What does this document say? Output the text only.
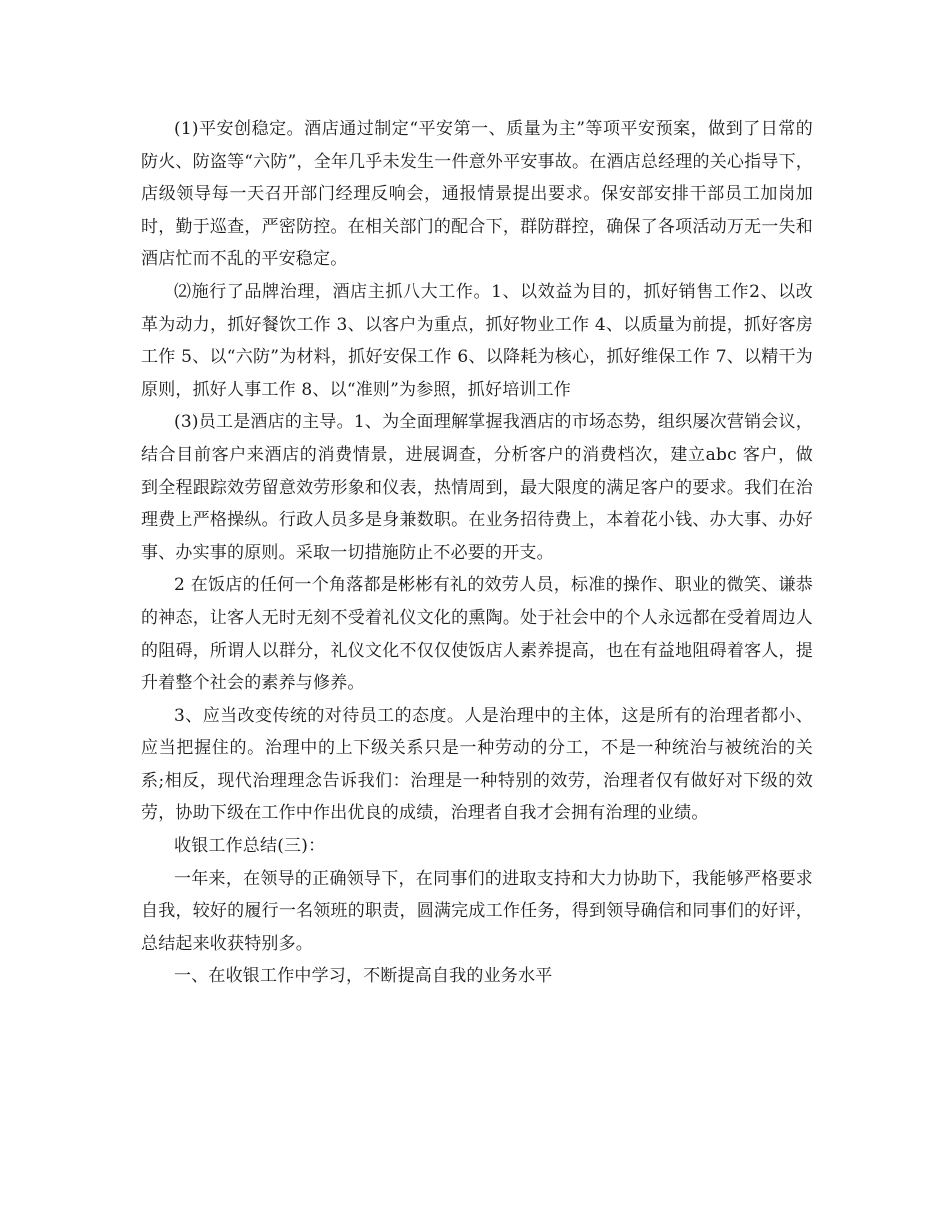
(1)平安创稳定。酒店通过制定“平安第一、质量为主”等项平安预案，做到了日常的防火、防盗等“六防”，全年几乎未发生一件意外平安事故。在酒店总经理的关心指导下，店级领导每一天召开部门经理反响会，通报情景提出要求。保安部安排干部员工加岗加时，勤于巡查，严密防控。在相关部门的配合下，群防群控，确保了各项活动万无一失和酒店忙而不乱的平安稳定。

⑵施行了品牌治理，酒店主抓八大工作。1、以效益为目的，抓好销售工作2、以改革为动力，抓好餐饮工作 3、以客户为重点，抓好物业工作 4、以质量为前提，抓好客房工作 5、以“六防”为材料，抓好安保工作 6、以降耗为核心，抓好维保工作 7、以精干为原则，抓好人事工作 8、以“准则”为参照，抓好培训工作

(3)员工是酒店的主导。1、为全面理解掌握我酒店的市场态势，组织屡次营销会议，结合目前客户来酒店的消费情景，进展调查，分析客户的消费档次，建立abc 客户，做到全程跟踪效劳留意效劳形象和仪表，热情周到，最大限度的满足客户的要求。我们在治理费上严格操纵。行政人员多是身兼数职。在业务招待费上，本着花小钱、办大事、办好事、办实事的原则。采取一切措施防止不必要的开支。

2 在饭店的任何一个角落都是彬彬有礼的效劳人员，标准的操作、职业的微笑、谦恭的神态，让客人无时无刻不受着礼仪文化的熏陶。处于社会中的个人永远都在受着周边人的阻碍，所谓人以群分，礼仪文化不仅仅使饭店人素养提高，也在有益地阻碍着客人，提升着整个社会的素养与修养。

3、应当改变传统的对待员工的态度。人是治理中的主体，这是所有的治理者都小、应当把握住的。治理中的上下级关系只是一种劳动的分工，不是一种统治与被统治的关系;相反，现代治理理念告诉我们：治理是一种特别的效劳，治理者仅有做好对下级的效劳，协助下级在工作中作出优良的成绩，治理者自我才会拥有治理的业绩。

收银工作总结(三)：

一年来，在领导的正确领导下，在同事们的进取支持和大力协助下，我能够严格要求自我，较好的履行一名领班的职责，圆满完成工作任务，得到领导确信和同事们的好评，总结起来收获特别多。

一、在收银工作中学习，不断提高自我的业务水平
